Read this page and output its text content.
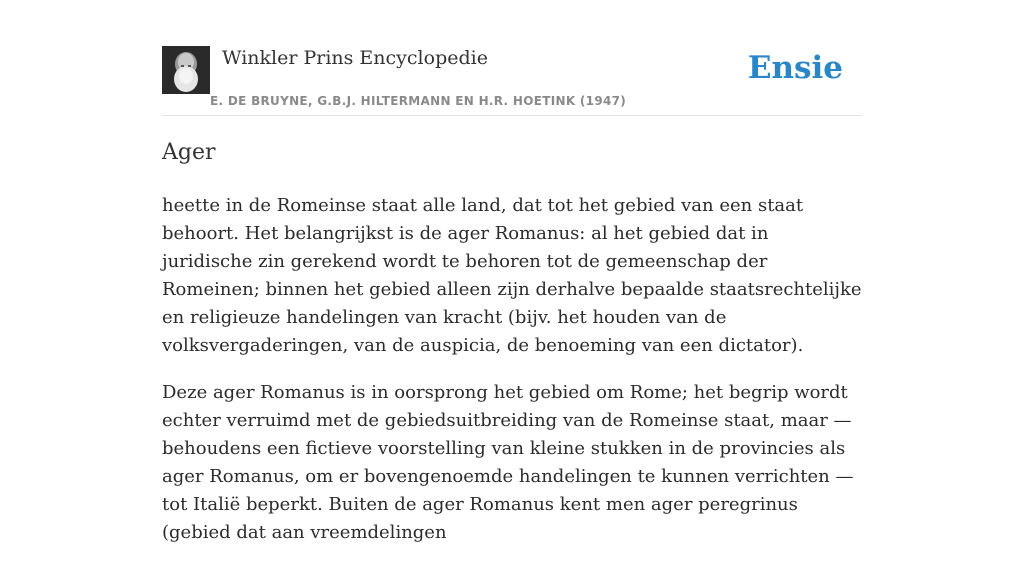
Winkler Prins Encyclopedie
E. DE BRUYNE, G.B.J. HILTERMANN EN H.R. HOETINK (1947)
Ensie
Ager

heette in de Romeinse staat alle land, dat tot het gebied van een staat behoort. Het belangrijkst is de ager Romanus: al het gebied dat in juridische zin gerekend wordt te behoren tot de gemeenschap der Romeinen; binnen het gebied alleen zijn derhalve bepaalde staatsrechtelijke en religieuze handelingen van kracht (bijv. het houden van de volksvergaderingen, van de auspicia, de benoeming van een dictator).

Deze ager Romanus is in oorsprong het gebied om Rome; het begrip wordt echter verruimd met de gebiedsuitbreiding van de Romeinse staat, maar — behoudens een fictieve voorstelling van kleine stukken in de provincies als ager Romanus, om er bovengenoemde handelingen te kunnen verrichten — tot Italië beperkt. Buiten de ager Romanus kent men ager peregrinus (gebied dat aan vreemdelingen
